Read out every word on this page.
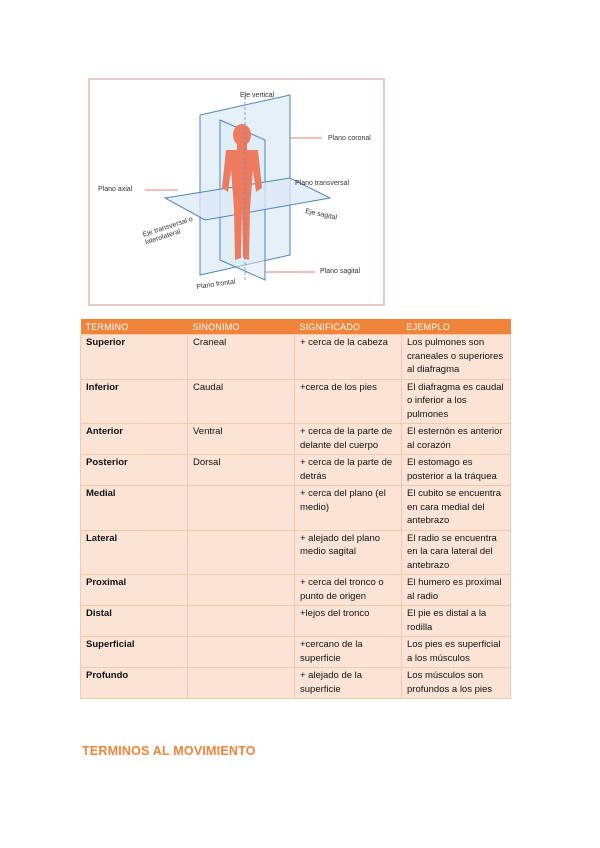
Eje vertical
Plano coronal
Plano axial
Plano transversal
Eje sagital
Eje transversal o laterolateral
Plano sagital
Plano frontal
TERMINO	SINONIMO	SIGNIFICADO	EJEMPLO
Superior	Craneal	+ cerca de la cabeza	Los pulmones son craneales o superiores al diafragma
Inferior	Caudal	+cerca de los pies	El diafragma es caudal o inferior a los pulmones
Anterior	Ventral	+ cerca de la parte de delante del cuerpo	El esternón es anterior al corazón
Posterior	Dorsal	+ cerca de la parte de detrás	El estomago es posterior a la tráquea
Medial		+ cerca del plano (el medio)	El cubito se encuentra en cara medial del antebrazo
Lateral		+ alejado del plano medio sagital	El radio se encuentra en la cara lateral del antebrazo
Proximal		+ cerca del tronco o punto de origen	El humero es proximal al radio
Distal		+lejos del tronco	El pie es distal a la rodilla
Superficial		+cercano de la superficie	Los pies es superficial a los músculos
Profundo		+ alejado de la superficie	Los músculos son profundos a los pies
TERMINOS AL MOVIMIENTO
